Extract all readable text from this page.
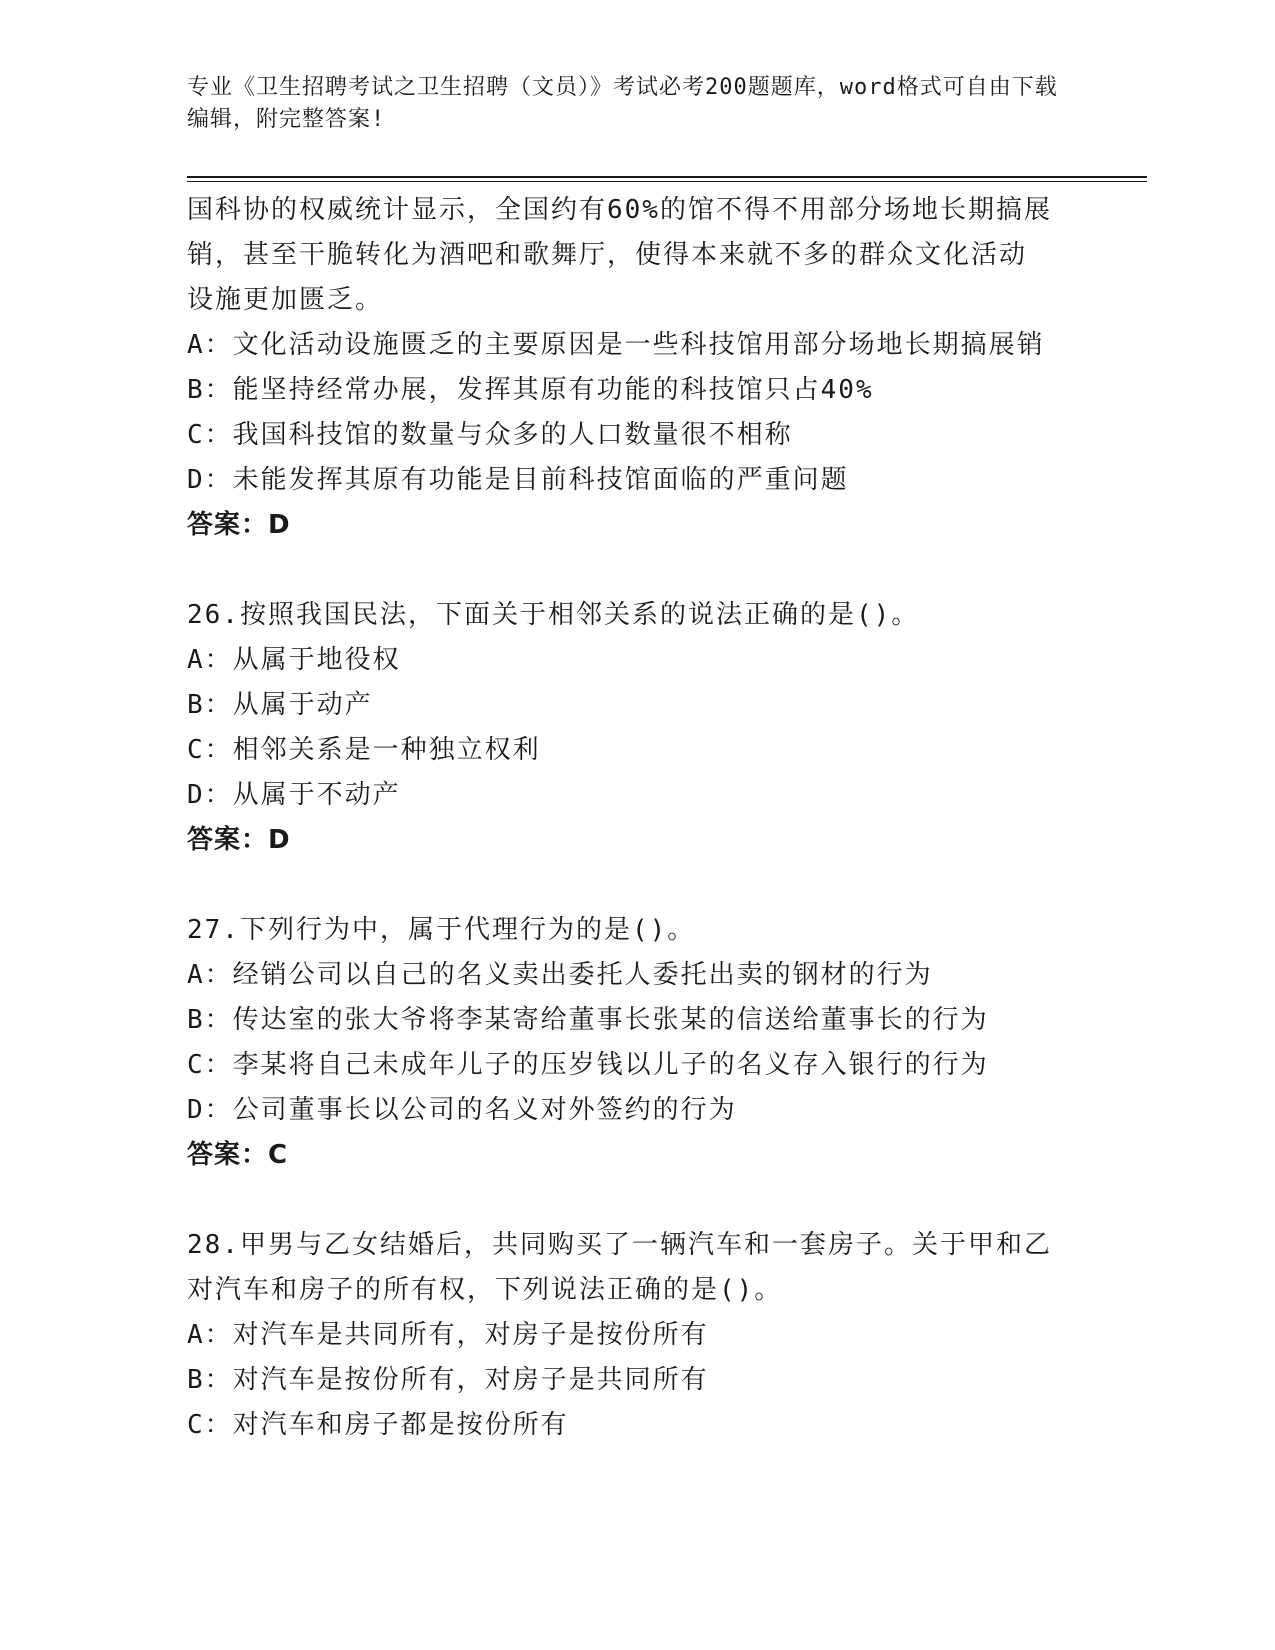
专业《卫生招聘考试之卫生招聘（文员）》考试必考200题题库，word格式可自由下载编辑，附完整答案!
国科协的权威统计显示，全国约有60%的馆不得不用部分场地长期搞展
销，甚至干脆转化为酒吧和歌舞厅，使得本来就不多的群众文化活动
设施更加匮乏。
A：文化活动设施匮乏的主要原因是一些科技馆用部分场地长期搞展销
B：能坚持经常办展，发挥其原有功能的科技馆只占40%
C：我国科技馆的数量与众多的人口数量很不相称
D：未能发挥其原有功能是目前科技馆面临的严重问题
答案：D
26.按照我国民法，下面关于相邻关系的说法正确的是()。
A：从属于地役权
B：从属于动产
C：相邻关系是一种独立权利
D：从属于不动产
答案：D
27.下列行为中，属于代理行为的是()。
A：经销公司以自己的名义卖出委托人委托出卖的钢材的行为
B：传达室的张大爷将李某寄给董事长张某的信送给董事长的行为
C：李某将自己未成年儿子的压岁钱以儿子的名义存入银行的行为
D：公司董事长以公司的名义对外签约的行为
答案：C
28.甲男与乙女结婚后，共同购买了一辆汽车和一套房子。关于甲和乙
对汽车和房子的所有权，下列说法正确的是()。
A：对汽车是共同所有，对房子是按份所有
B：对汽车是按份所有，对房子是共同所有
C：对汽车和房子都是按份所有
